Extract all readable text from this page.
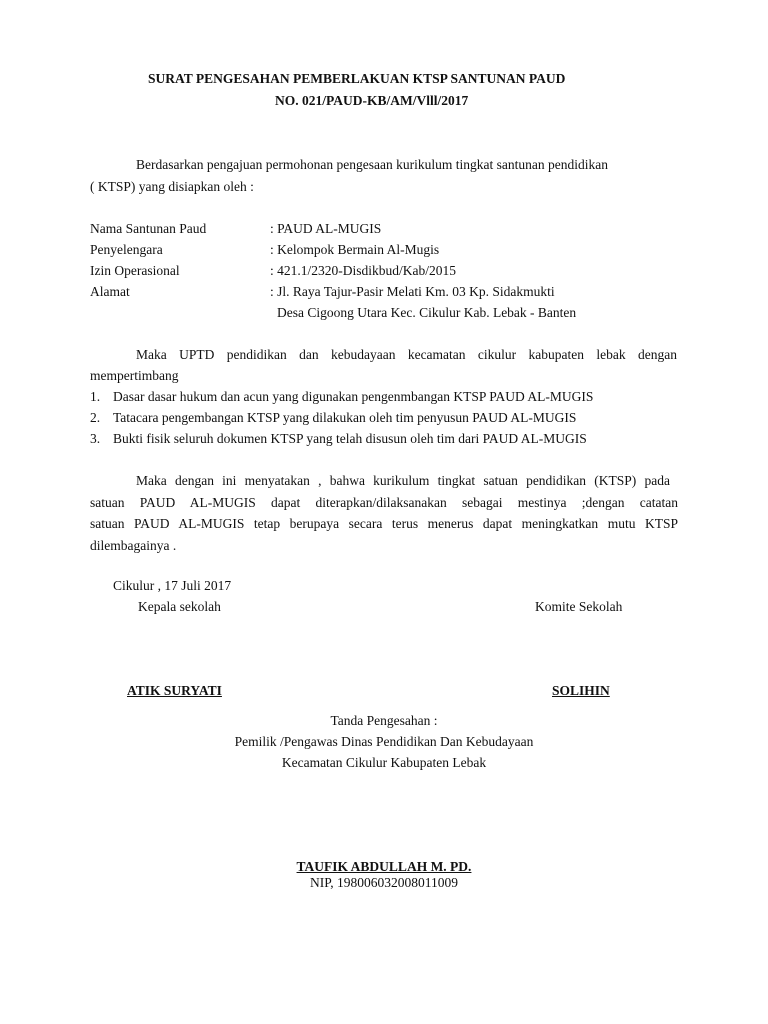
SURAT PENGESAHAN PEMBERLAKUAN KTSP SANTUNAN PAUD
NO. 021/PAUD-KB/AM/Vlll/2017
Berdasarkan pengajuan permohonan pengesaan kurikulum tingkat santunan pendidikan
( KTSP) yang disiapkan oleh :
Nama Santunan Paud	: PAUD AL-MUGIS
Penyelengara	: Kelompok Bermain Al-Mugis
Izin Operasional	: 421.1/2320-Disdikbud/Kab/2015
Alamat	: Jl. Raya Tajur-Pasir Melati Km. 03 Kp. Sidakmukti
Desa Cigoong Utara Kec. Cikulur Kab. Lebak - Banten
Maka UPTD pendidikan dan kebudayaan kecamatan cikulur kabupaten lebak dengan
mempertimbang
1. Dasar dasar hukum dan acun yang digunakan pengenmbangan KTSP PAUD AL-MUGIS
2. Tatacara pengembangan KTSP yang dilakukan oleh tim penyusun PAUD AL-MUGIS
3. Bukti fisik seluruh dokumen KTSP yang telah disusun oleh tim dari PAUD AL-MUGIS
Maka dengan ini menyatakan , bahwa kurikulum tingkat satuan pendidikan (KTSP) pada
satuan PAUD AL-MUGIS dapat diterapkan/dilaksanakan sebagai mestinya ;dengan catatan
satuan PAUD AL-MUGIS tetap berupaya secara terus menerus dapat meningkatkan mutu KTSP
dilembagainya .
Cikulur , 17 Juli 2017
Kepala sekolah	Komite Sekolah
ATIK SURYATI	SOLIHIN
Tanda Pengesahan :
Pemilik /Pengawas Dinas Pendidikan Dan Kebudayaan
Kecamatan Cikulur Kabupaten Lebak
TAUFIK ABDULLAH M. PD.
NIP, 198006032008011009
